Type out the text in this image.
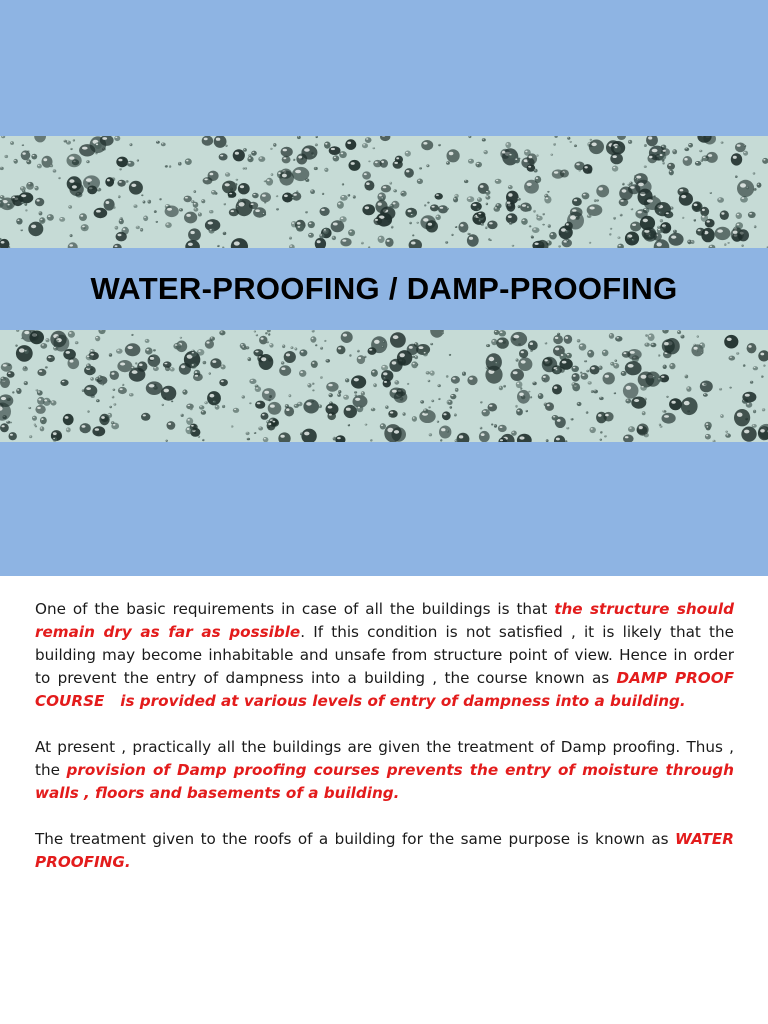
WATER-PROOFING / DAMP-PROOFING

One of the basic requirements in case of all the buildings is that the structure should remain dry as far as possible. If this condition is not satisfied , it is likely that the building may become inhabitable and unsafe from structure point of view. Hence in order to prevent the entry of dampness into a building , the course known as DAMP PROOF COURSE   is provided at various levels of entry of dampness into a building.

At present , practically all the buildings are given the treatment of Damp proofing. Thus , the provision of Damp proofing courses prevents the entry of moisture through walls , floors and basements of a building.

The treatment given to the roofs of a building for the same purpose is known as WATER PROOFING.
